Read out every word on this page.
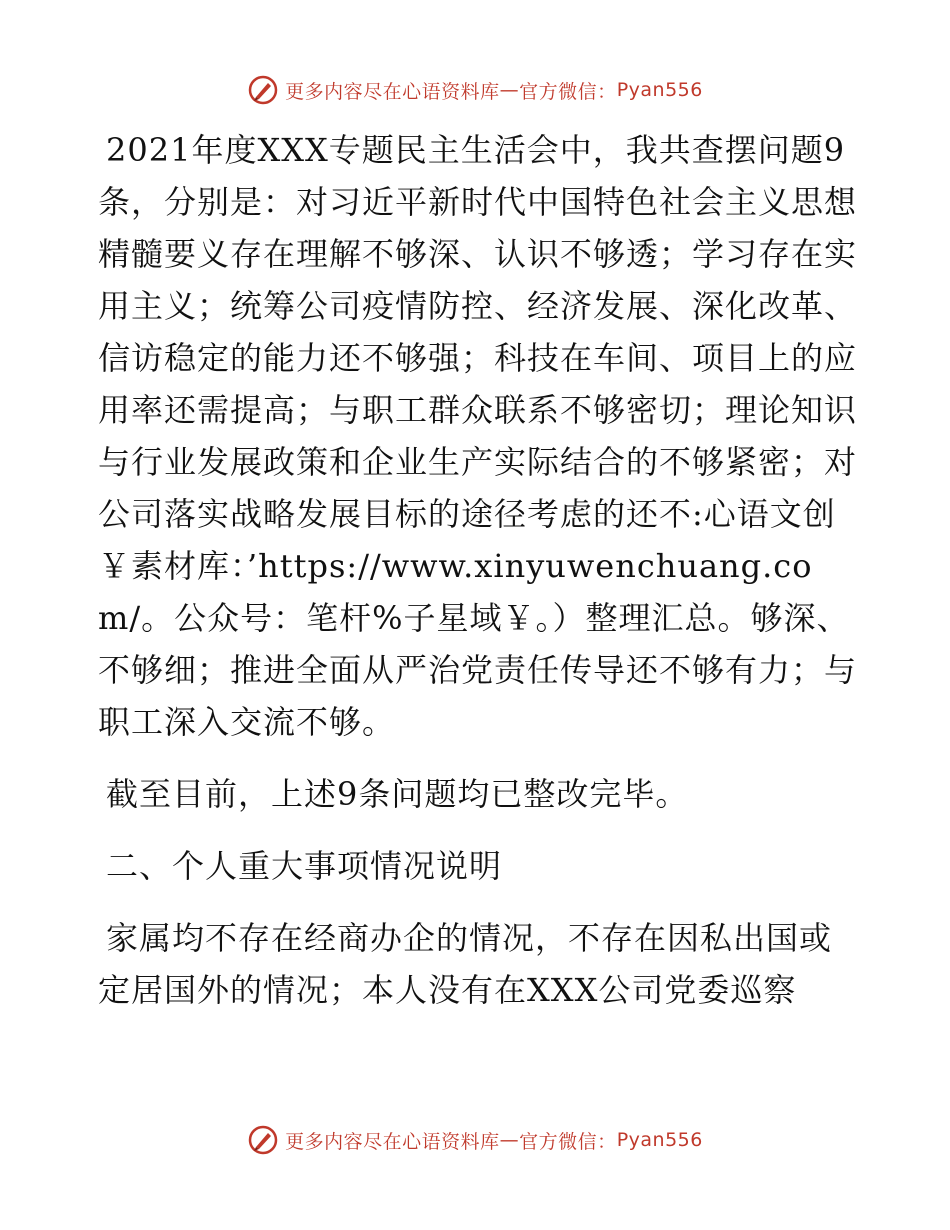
更多内容尽在心语资料库 — 官方微信： Pyan556

2021年度XXX专题民主生活会中，我共查摆问题9条，分别是：对习近平新时代中国特色社会主义思想精髓要义存在理解不够深、认识不够透；学习存在实用主义；统筹公司疫情防控、经济发展、深化改革、信访稳定的能力还不够强；科技在车间、项目上的应用率还需提高；与职工群众联系不够密切；理论知识与行业发展政策和企业生产实际结合的不够紧密；对公司落实战略发展目标的途径考虑的还不:心语文创￥素材库：’https://www.xinyuwenchuang.com/。公众号：笔杆%子星域￥。）整理汇总。够深、不够细；推进全面从严治党责任传导还不够有力；与职工深入交流不够。

截至目前，上述9条问题均已整改完毕。

二、个人重大事项情况说明

家属均不存在经商办企的情况，不存在因私出国或定居国外的情况；本人没有在XXX公司党委巡察

更多内容尽在心语资料库 — 官方微信： Pyan556
